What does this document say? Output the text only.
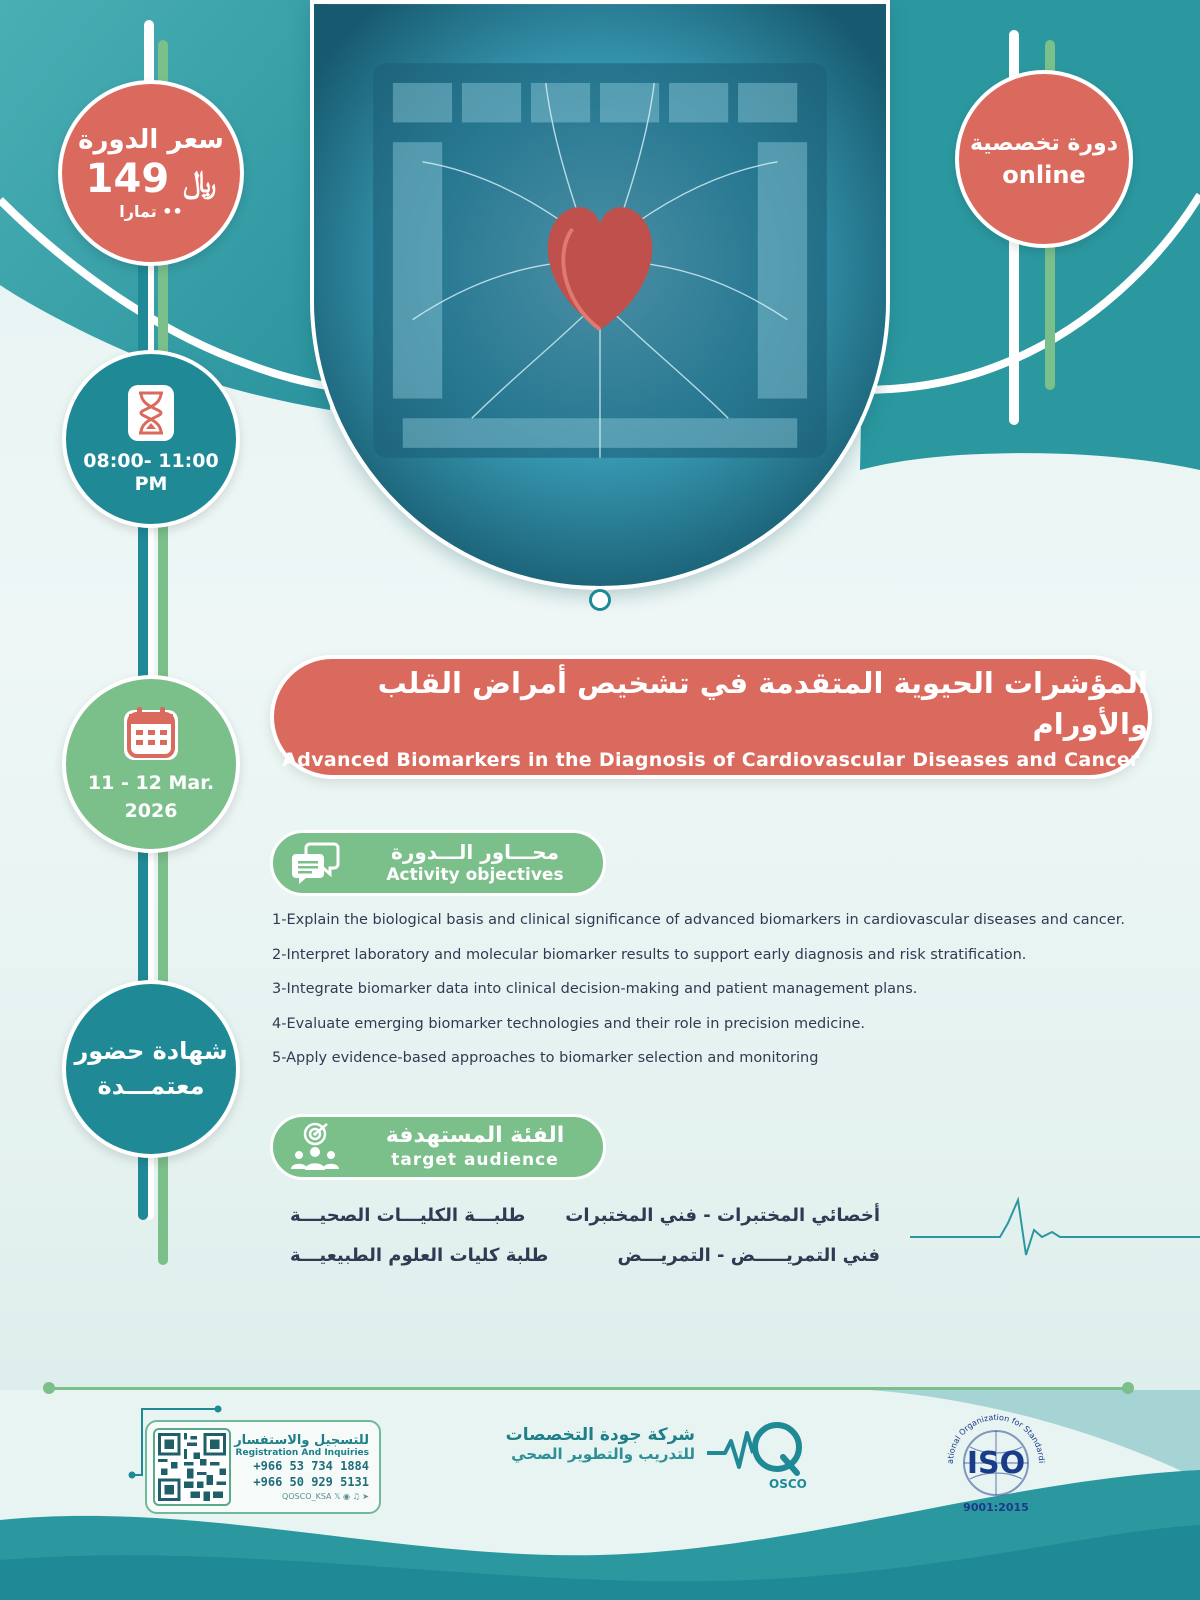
سعر الدورة
149 ﷼
تمارا ••
دورة تخصصية
online
08:00- 11:00
PM
11 - 12 Mar.
2026
شهادة حضور
معتمـــدة
المؤشرات الحيوية المتقدمة في تشخيص أمراض القلب والأورام
Advanced Biomarkers in the Diagnosis of Cardiovascular Diseases and Cancer
محـــاور الـــدورة
Activity objectives
1-Explain the biological basis and clinical significance of advanced biomarkers in cardiovascular diseases and cancer.
2-Interpret laboratory and molecular biomarker results to support early diagnosis and risk stratification.
3-Integrate biomarker data into clinical decision-making and patient management plans.
4-Evaluate emerging biomarker technologies and their role in precision medicine.
5-Apply evidence-based approaches to biomarker selection and monitoring
الفئة المستهدفة
target audience
أخصائي المختبرات - فني المختبرات
طلبـــة الكليـــات الصحيـــة
فني التمريـــــض - التمريـــض
طلبة كليات العلوم الطبيعيـــة
للتسجيل والاستفسار
Registration And Inquiries
+966 53 734 1884
+966 50 929 5131
QOSCO_KSA 𝕏 ◉ ♫ ➤
شركة جودة التخصصات
للتدريب والتطوير الصحي
OSCO
ational Organization for Standardi
ISO
9001:2015
